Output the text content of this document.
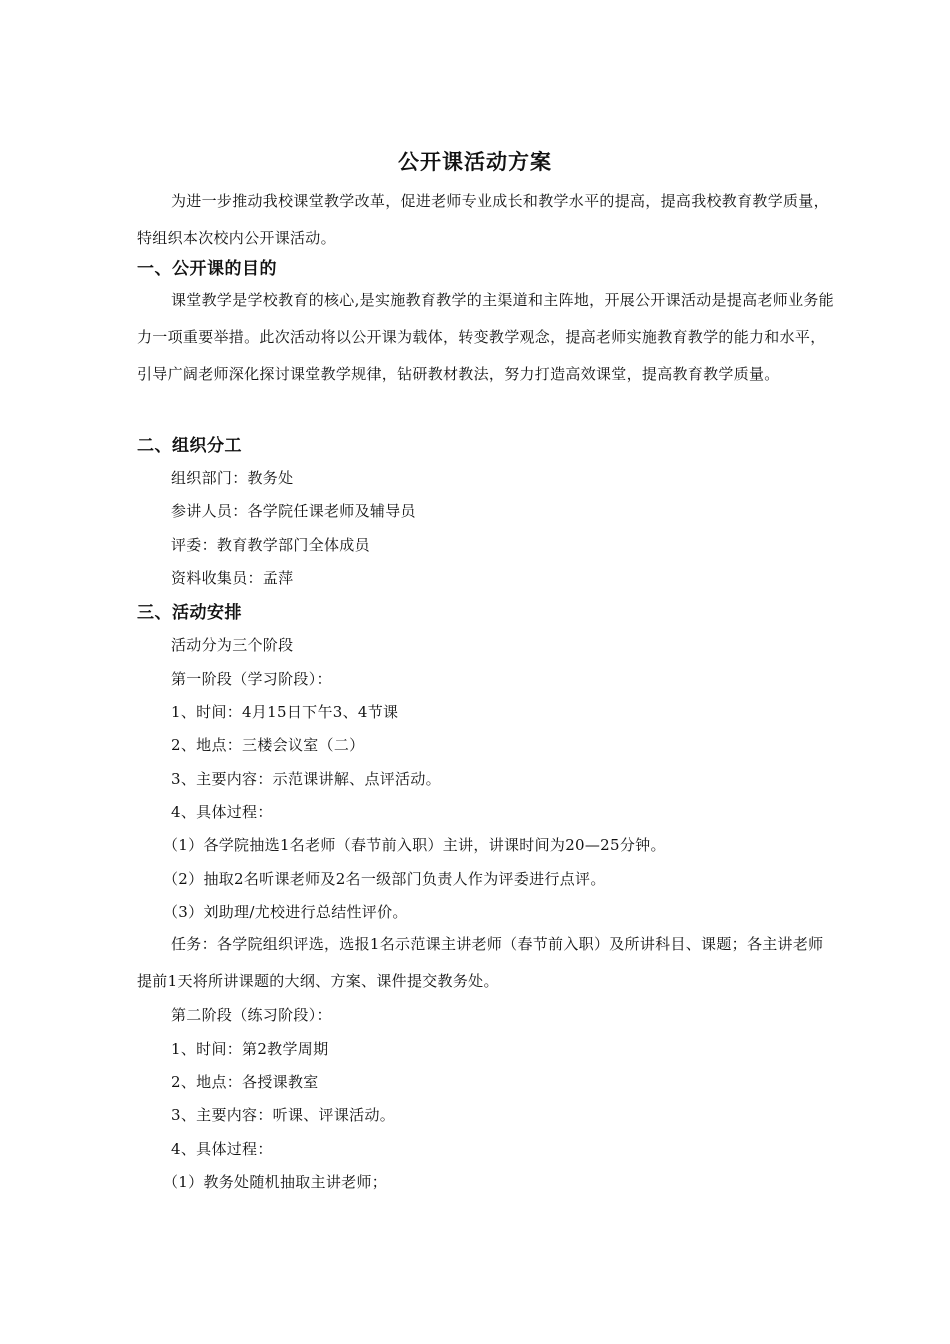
公开课活动方案
为进一步推动我校课堂教学改革，促进老师专业成长和教学水平的提高，提高我校教育教学质量，特组织本次校内公开课活动。
一、公开课的目的
课堂教学是学校教育的核心,是实施教育教学的主渠道和主阵地，开展公开课活动是提高老师业务能力一项重要举措。此次活动将以公开课为载体，转变教学观念，提高老师实施教育教学的能力和水平，引导广阔老师深化探讨课堂教学规律，钻研教材教法，努力打造高效课堂，提高教育教学质量。
二、组织分工
组织部门：教务处
参讲人员：各学院任课老师及辅导员
评委：教育教学部门全体成员
资料收集员：孟萍
三、活动安排
活动分为三个阶段
第一阶段（学习阶段）：
1、时间：4月15日下午3、4节课
2、地点：三楼会议室（二）
3、主要内容：示范课讲解、点评活动。
4、具体过程：
（1）各学院抽选1名老师（春节前入职）主讲，讲课时间为20—25分钟。
（2）抽取2名听课老师及2名一级部门负责人作为评委进行点评。
（3）刘助理/尤校进行总结性评价。
任务：各学院组织评选，选报1名示范课主讲老师（春节前入职）及所讲科目、课题；各主讲老师提前1天将所讲课题的大纲、方案、课件提交教务处。
第二阶段（练习阶段）：
1、时间：第2教学周期
2、地点：各授课教室
3、主要内容：听课、评课活动。
4、具体过程：
（1）教务处随机抽取主讲老师；
